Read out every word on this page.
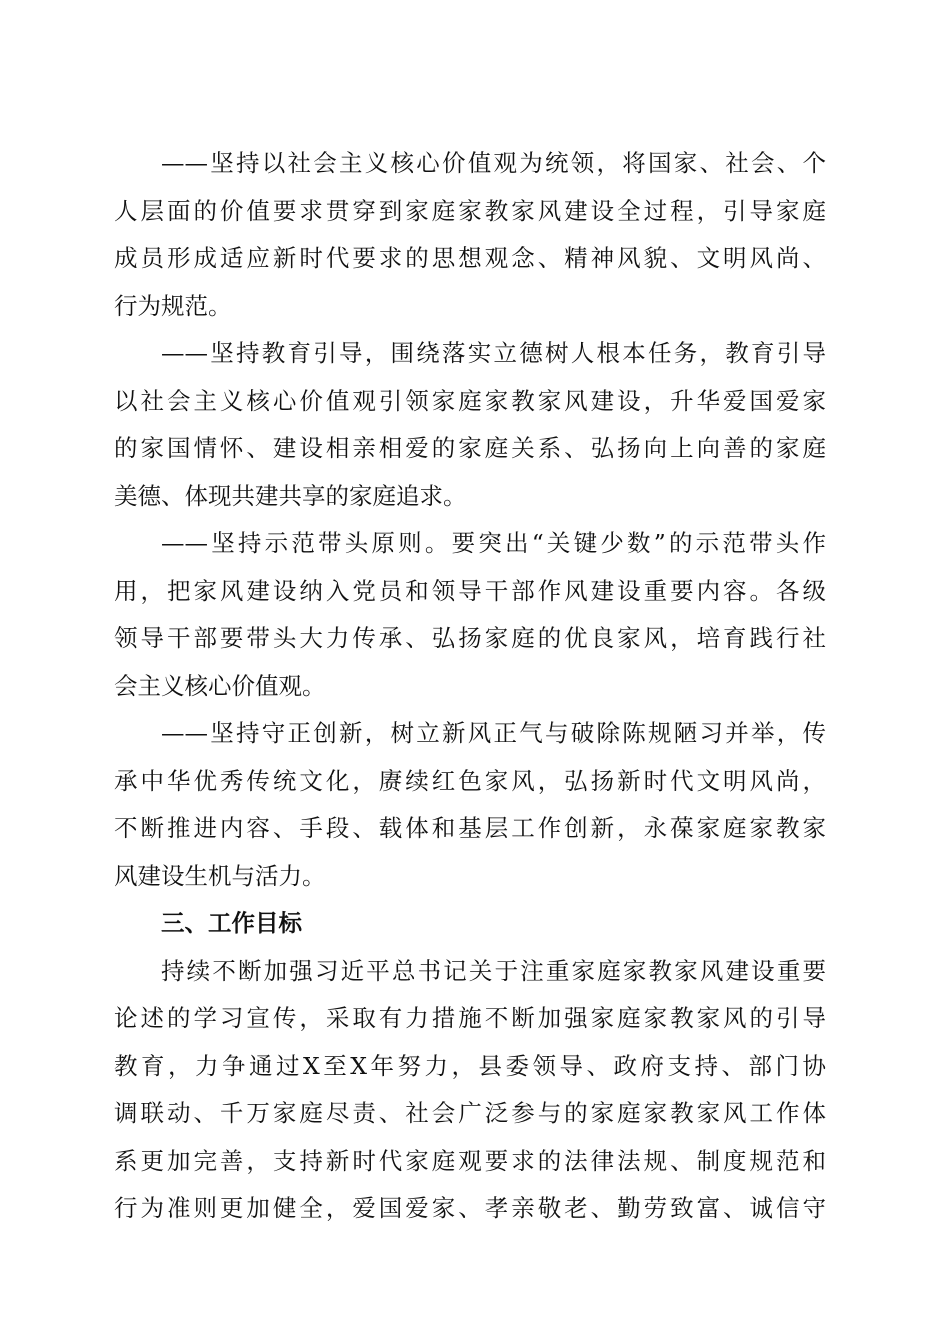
——坚持以社会主义核心价值观为统领，将国家、社会、个
人层面的价值要求贯穿到家庭家教家风建设全过程，引导家庭
成员形成适应新时代要求的思想观念、精神风貌、文明风尚、
行为规范。
——坚持教育引导，围绕落实立德树人根本任务，教育引导
以社会主义核心价值观引领家庭家教家风建设，升华爱国爱家
的家国情怀、建设相亲相爱的家庭关系、弘扬向上向善的家庭
美德、体现共建共享的家庭追求。
——坚持示范带头原则。要突出“关键少数”的示范带头作
用，把家风建设纳入党员和领导干部作风建设重要内容。各级
领导干部要带头大力传承、弘扬家庭的优良家风，培育践行社
会主义核心价值观。
——坚持守正创新，树立新风正气与破除陈规陋习并举，传
承中华优秀传统文化，赓续红色家风，弘扬新时代文明风尚，
不断推进内容、手段、载体和基层工作创新，永葆家庭家教家
风建设生机与活力。
三、工作目标
持续不断加强习近平总书记关于注重家庭家教家风建设重要
论述的学习宣传，采取有力措施不断加强家庭家教家风的引导
教育，力争通过X至X年努力，县委领导、政府支持、部门协
调联动、千万家庭尽责、社会广泛参与的家庭家教家风工作体
系更加完善，支持新时代家庭观要求的法律法规、制度规范和
行为准则更加健全，爱国爱家、孝亲敬老、勤劳致富、诚信守
